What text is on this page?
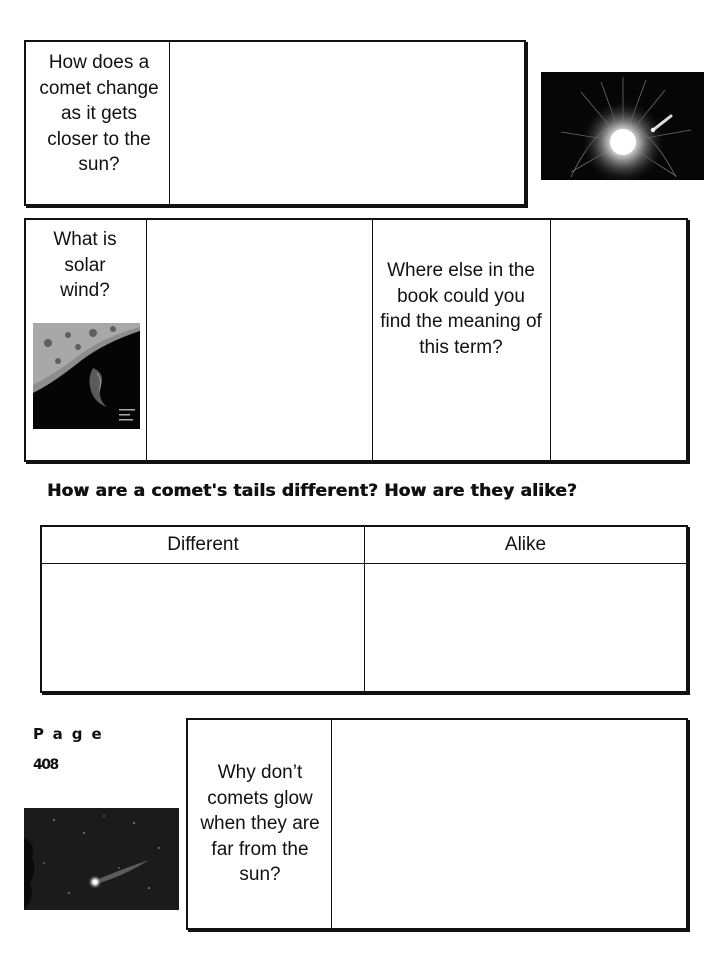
How does a comet change as it gets closer to the sun?
What is solar wind?
Where else in the book could you find the meaning of this term?
How are a comet's tails different? How are they alike?
Different	Alike
Page
408	Why don’t comets glow when they are far from the sun?
